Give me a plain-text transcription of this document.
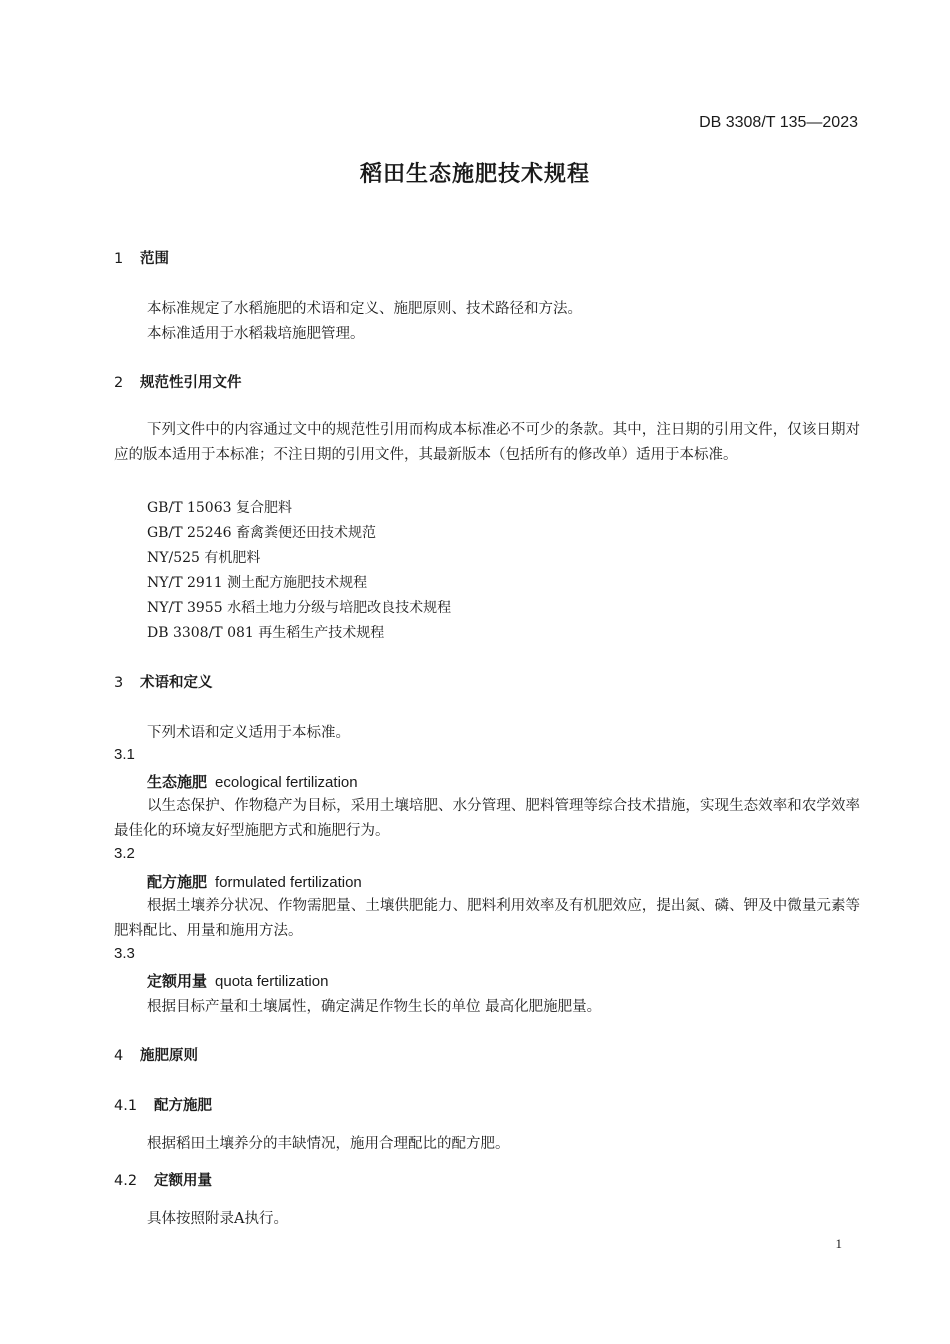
DB 3308/T 135—2023
稻田生态施肥技术规程
1 范围
本标准规定了水稻施肥的术语和定义、施肥原则、技术路径和方法。
本标准适用于水稻栽培施肥管理。
2 规范性引用文件
下列文件中的内容通过文中的规范性引用而构成本标准必不可少的条款。其中，注日期的引用文件，仅该日期对应的版本适用于本标准；不注日期的引用文件，其最新版本（包括所有的修改单）适用于本标准。
GB/T 15063 复合肥料
GB/T 25246 畜禽粪便还田技术规范
NY/525 有机肥料
NY/T 2911 测土配方施肥技术规程
NY/T 3955 水稻土地力分级与培肥改良技术规程
DB 3308/T 081 再生稻生产技术规程
3 术语和定义
下列术语和定义适用于本标准。
3.1
生态施肥 ecological fertilization
以生态保护、作物稳产为目标，采用土壤培肥、水分管理、肥料管理等综合技术措施，实现生态效率和农学效率最佳化的环境友好型施肥方式和施肥行为。
3.2
配方施肥 formulated fertilization
根据土壤养分状况、作物需肥量、土壤供肥能力、肥料利用效率及有机肥效应，提出氮、磷、钾及中微量元素等肥料配比、用量和施用方法。
3.3
定额用量 quota fertilization
根据目标产量和土壤属性，确定满足作物生长的单位 最高化肥施肥量。
4 施肥原则
4.1 配方施肥
根据稻田土壤养分的丰缺情况，施用合理配比的配方肥。
4.2 定额用量
具体按照附录A执行。
1
